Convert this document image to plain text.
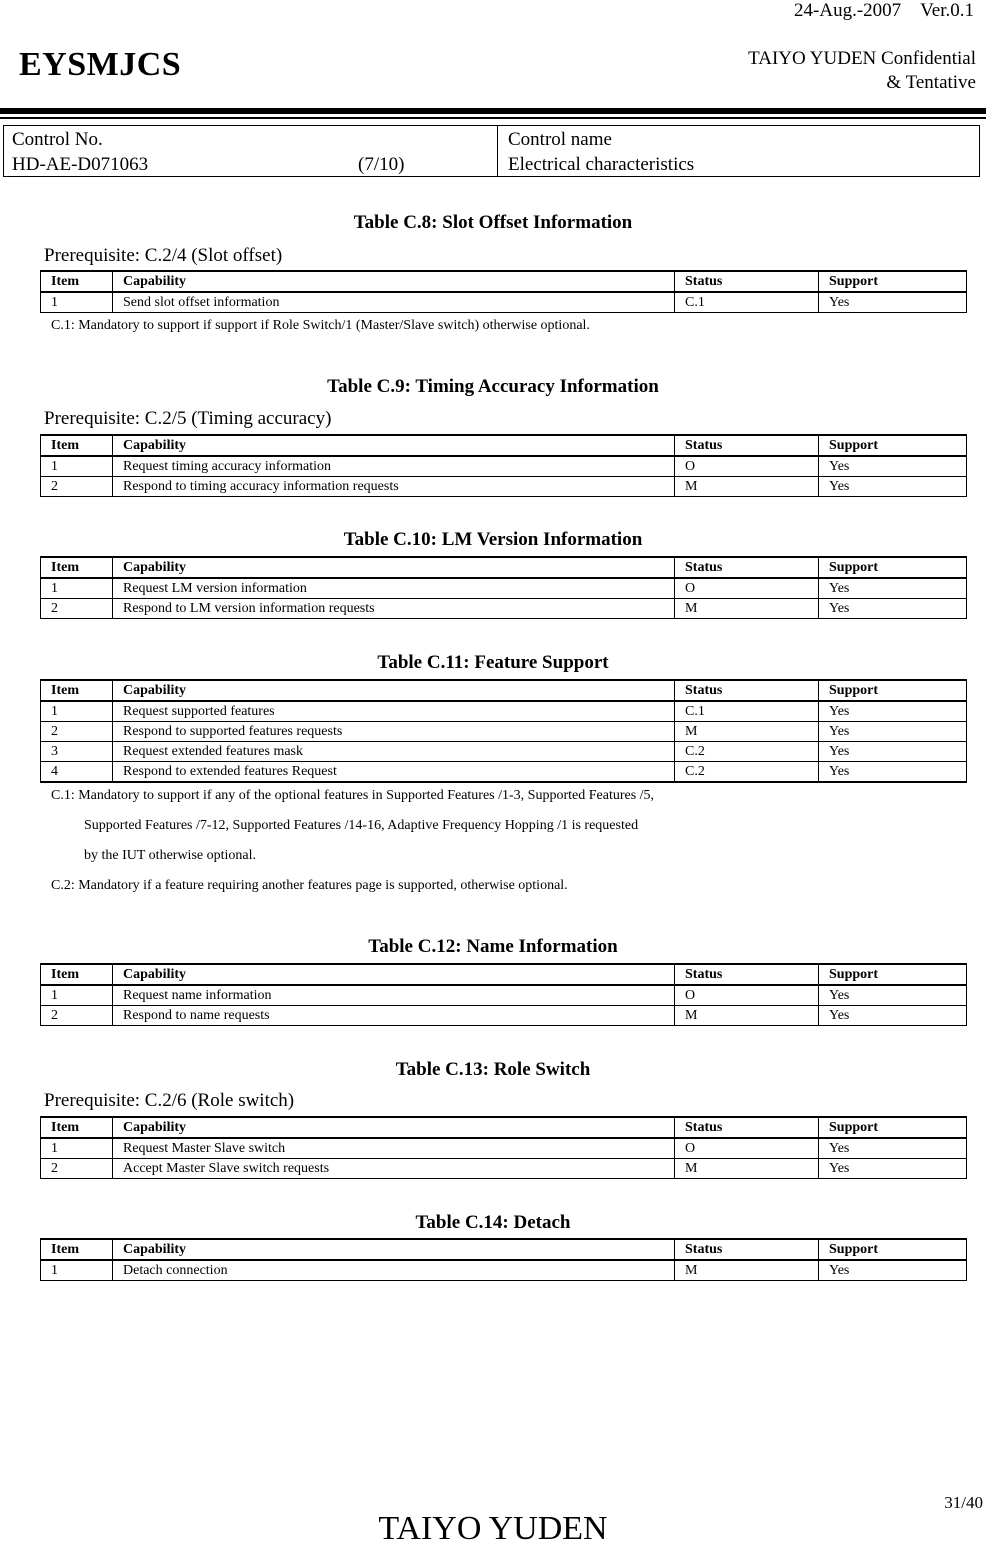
24-Aug.-2007 Ver.0.1
EYSMJCS	TAIYO YUDEN Confidential
& Tentative
Control No.
HD-AE-D071063	(7/10)
Control name
Electrical characteristics
Table C.8: Slot Offset Information
Prerequisite: C.2/4 (Slot offset)
Item	Capability	Status	Support
1	Send slot offset information	C.1	Yes
C.1: Mandatory to support if support if Role Switch/1 (Master/Slave switch) otherwise optional.
Table C.9: Timing Accuracy Information
Prerequisite: C.2/5 (Timing accuracy)
Item	Capability	Status	Support
1	Request timing accuracy information	O	Yes
2	Respond to timing accuracy information requests	M	Yes
Table C.10: LM Version Information
Item	Capability	Status	Support
1	Request LM version information	O	Yes
2	Respond to LM version information requests	M	Yes
Table C.11: Feature Support
Item	Capability	Status	Support
1	Request supported features	C.1	Yes
2	Respond to supported features requests	M	Yes
3	Request extended features mask	C.2	Yes
4	Respond to extended features Request	C.2	Yes
C.1: Mandatory to support if any of the optional features in Supported Features /1-3, Supported Features /5,
Supported Features /7-12, Supported Features /14-16, Adaptive Frequency Hopping /1 is requested
by the IUT otherwise optional.
C.2: Mandatory if a feature requiring another features page is supported, otherwise optional.
Table C.12: Name Information
Item	Capability	Status	Support
1	Request name information	O	Yes
2	Respond to name requests	M	Yes
Table C.13: Role Switch
Prerequisite: C.2/6 (Role switch)
Item	Capability	Status	Support
1	Request Master Slave switch	O	Yes
2	Accept Master Slave switch requests	M	Yes
Table C.14: Detach
Item	Capability	Status	Support
1	Detach connection	M	Yes
31/40
TAIYO YUDEN
